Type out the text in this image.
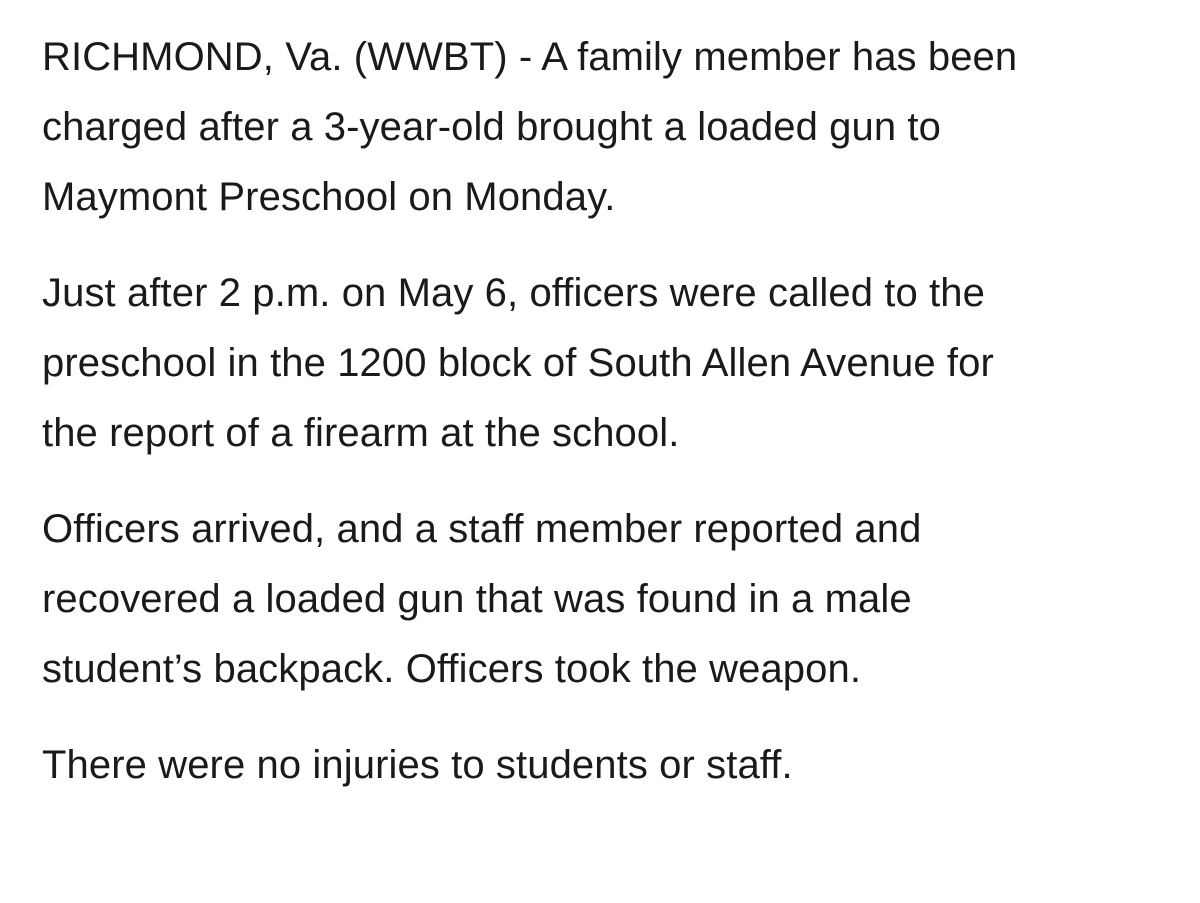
RICHMOND, Va. (WWBT) - A family member has been
charged after a 3-year-old brought a loaded gun to
Maymont Preschool on Monday.

Just after 2 p.m. on May 6, officers were called to the
preschool in the 1200 block of South Allen Avenue for
the report of a firearm at the school.

Officers arrived, and a staff member reported and
recovered a loaded gun that was found in a male
student’s backpack. Officers took the weapon.

There were no injuries to students or staff.
